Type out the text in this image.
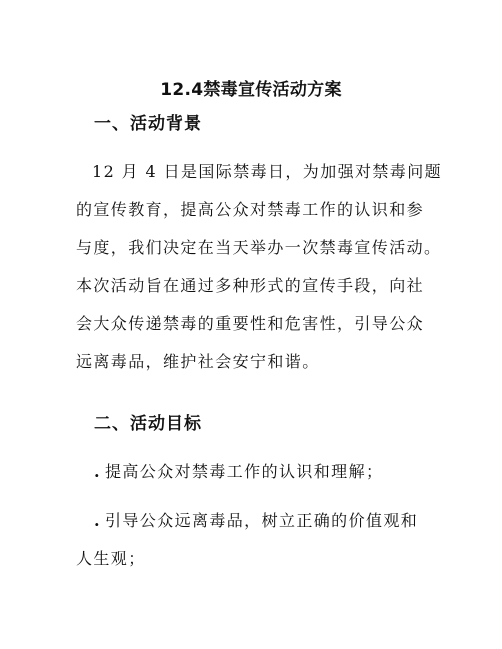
12.4禁毒宣传活动方案
一、活动背景
12 月 4 日是国际禁毒日，为加强对禁毒问题
的宣传教育，提高公众对禁毒工作的认识和参
与度，我们决定在当天举办一次禁毒宣传活动。
本次活动旨在通过多种形式的宣传手段，向社
会大众传递禁毒的重要性和危害性，引导公众
远离毒品，维护社会安宁和谐。
二、活动目标
. 提高公众对禁毒工作的认识和理解；
. 引导公众远离毒品，树立正确的价值观和
人生观；
